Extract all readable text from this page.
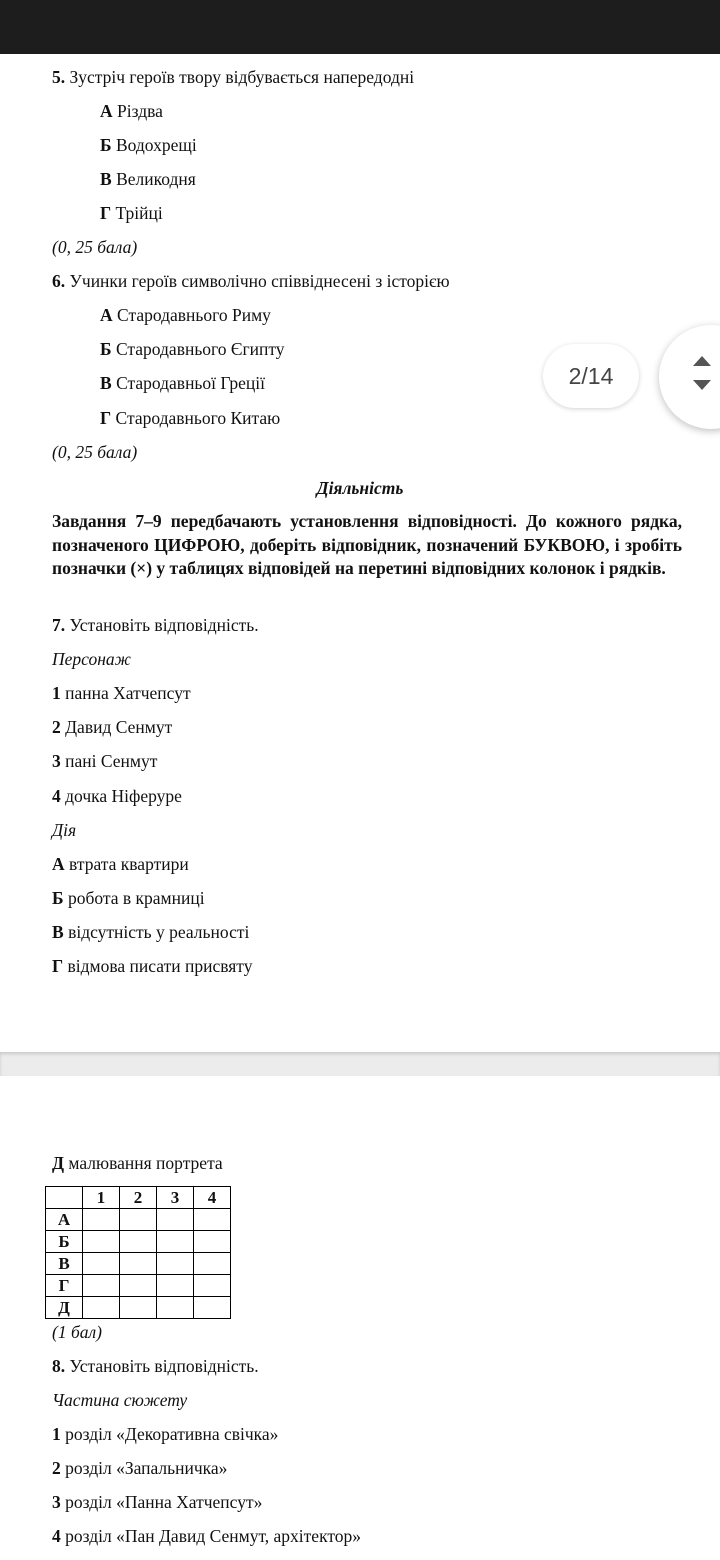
5. Зустріч героїв твору відбувається напередодні
А Різдва
Б Водохрещі
В Великодня
Г Трійці
(0, 25 бала)
6. Учинки героїв символічно співвіднесені з історією
А Стародавнього Риму
Б Стародавнього Єгипту
В Стародавньої Греції
Г Стародавнього Китаю
(0, 25 бала)
Діяльність
Завдання 7–9 передбачають установлення відповідності. До кожного рядка, позначеного ЦИФРОЮ, доберіть відповідник, позначений БУКВОЮ, і зробіть позначки (×) у таблицях відповідей на перетині відповідних колонок і рядків.
7. Установіть відповідність.
Персонаж
1 панна Хатчепсут
2 Давид Сенмут
3 пані Сенмут
4 дочка Ніферуре
Дія
А втрата квартири
Б робота в крамниці
В відсутність у реальності
Г відмова писати присвяту
Д малювання портрета
	1	2	3	4
А				
Б				
В				
Г				
Д				
(1 бал)
8. Установіть відповідність.
Частина сюжету
1 розділ «Декоративна свічка»
2 розділ «Запальничка»
3 розділ «Панна Хатчепсут»
4 розділ «Пан Давид Сенмут, архітектор»
2/14
